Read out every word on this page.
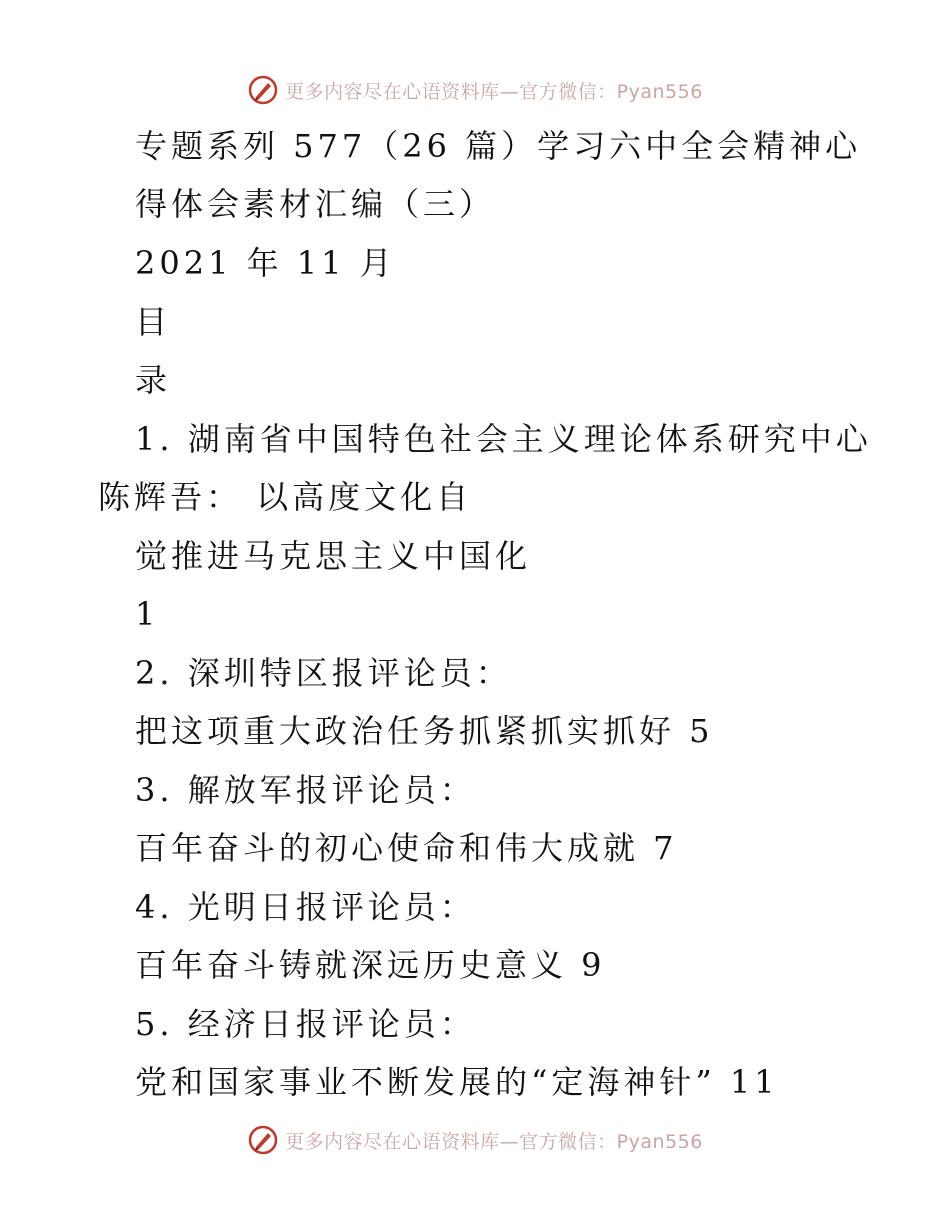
更多内容尽在心语资料库—官方微信：Pyan556
专题系列 577（26 篇）学习六中全会精神心
得体会素材汇编（三）
2021 年 11 月
目
录
1. 湖南省中国特色社会主义理论体系研究中心
陈辉吾： 以高度文化自
觉推进马克思主义中国化
1
2. 深圳特区报评论员：
把这项重大政治任务抓紧抓实抓好 5
3. 解放军报评论员：
百年奋斗的初心使命和伟大成就 7
4. 光明日报评论员：
百年奋斗铸就深远历史意义 9
5. 经济日报评论员：
党和国家事业不断发展的“定海神针” 11
更多内容尽在心语资料库—官方微信：Pyan556
